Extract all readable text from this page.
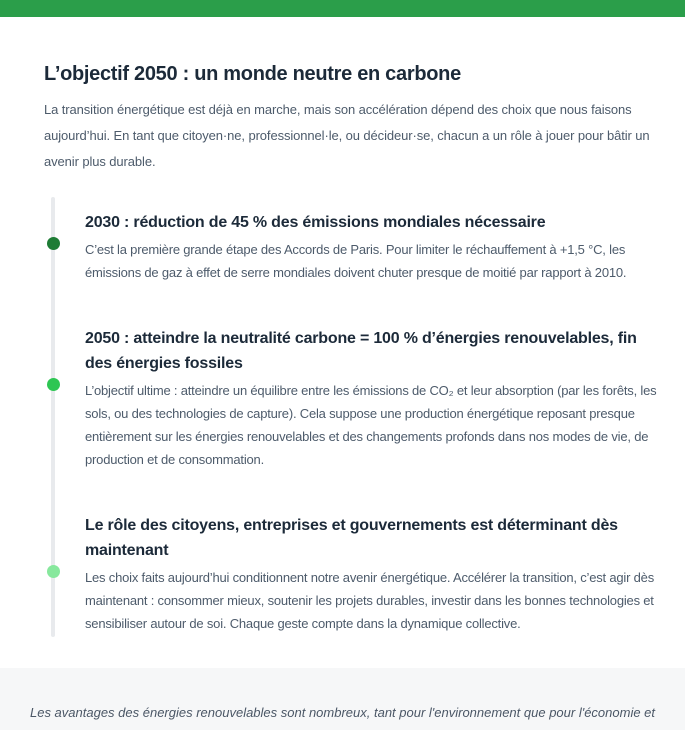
L’objectif 2050 : un monde neutre en carbone

La transition énergétique est déjà en marche, mais son accélération dépend des choix que nous faisons aujourd’hui. En tant que citoyen·ne, professionnel·le, ou décideur·se, chacun a un rôle à jouer pour bâtir un avenir plus durable.

2030 : réduction de 45 % des émissions mondiales nécessaire

C’est la première grande étape des Accords de Paris. Pour limiter le réchauffement à +1,5 °C, les émissions de gaz à effet de serre mondiales doivent chuter presque de moitié par rapport à 2010.

2050 : atteindre la neutralité carbone = 100 % d’énergies renouvelables, fin des énergies fossiles

L’objectif ultime : atteindre un équilibre entre les émissions de CO₂ et leur absorption (par les forêts, les sols, ou des technologies de capture). Cela suppose une production énergétique reposant presque entièrement sur les énergies renouvelables et des changements profonds dans nos modes de vie, de production et de consommation.

Le rôle des citoyens, entreprises et gouvernements est déterminant dès maintenant

Les choix faits aujourd’hui conditionnent notre avenir énergétique. Accélérer la transition, c’est agir dès maintenant : consommer mieux, soutenir les projets durables, investir dans les bonnes technologies et sensibiliser autour de soi. Chaque geste compte dans la dynamique collective.

Les avantages des énergies renouvelables sont nombreux, tant pour l'environnement que pour l'économie et
